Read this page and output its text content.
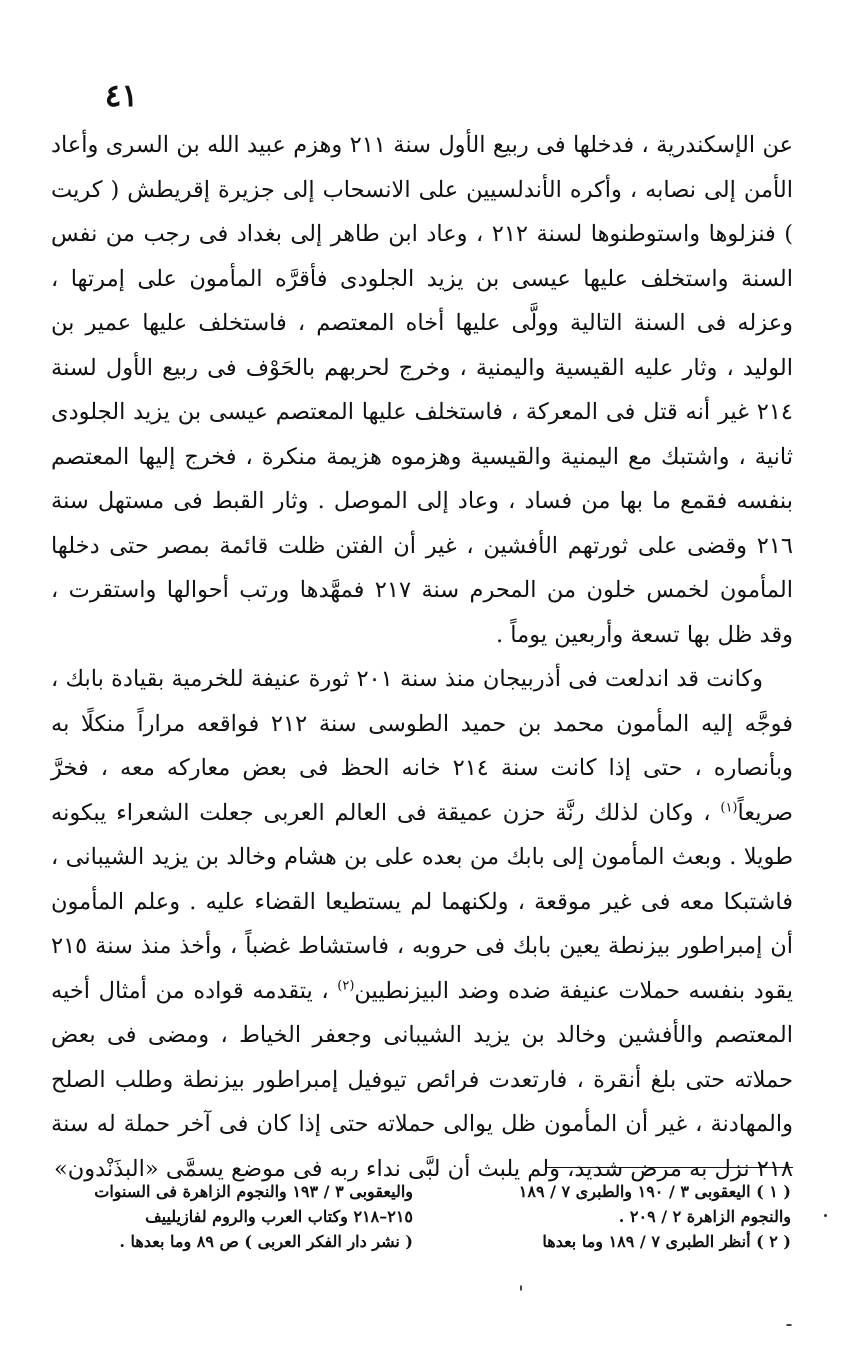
٤١

عن الإسكندرية ، فدخلها فى ربيع الأول سنة ٢١١ وهزم عبيد الله بن السرى وأعاد الأمن إلى نصابه ، وأكره الأندلسيين على الانسحاب إلى جزيرة إقريطش ( كريت ) فنزلوها واستوطنوها لسنة ٢١٢ ، وعاد ابن طاهر إلى بغداد فى رجب من نفس السنة واستخلف عليها عيسى بن يزيد الجلودى فأقرَّه المأمون على إمرتها ، وعزله فى السنة التالية وولَّى عليها أخاه المعتصم ، فاستخلف عليها عمير بن الوليد ، وثار عليه القيسية واليمنية ، وخرج لحربهم بالحَوْف فى ربيع الأول لسنة ٢١٤ غير أنه قتل فى المعركة ، فاستخلف عليها المعتصم عيسى بن يزيد الجلودى ثانية ، واشتبك مع اليمنية والقيسية وهزموه هزيمة منكرة ، فخرج إليها المعتصم بنفسه فقمع ما بها من فساد ، وعاد إلى الموصل . وثار القبط فى مستهل سنة ٢١٦ وقضى على ثورتهم الأفشين ، غير أن الفتن ظلت قائمة بمصر حتى دخلها المأمون لخمس خلون من المحرم سنة ٢١٧ فمهَّدها ورتب أحوالها واستقرت ، وقد ظل بها تسعة وأربعين يوماً .

وكانت قد اندلعت فى أذربيجان منذ سنة ٢٠١ ثورة عنيفة للخرمية بقيادة بابك ، فوجَّه إليه المأمون محمد بن حميد الطوسى سنة ٢١٢ فواقعه مراراً منكلًا به وبأنصاره ، حتى إذا كانت سنة ٢١٤ خانه الحظ فى بعض معاركه معه ، فخرَّ صريعاً$^{(١)}$ ، وكان لذلك رنَّة حزن عميقة فى العالم العربى جعلت الشعراء يبكونه طويلا . وبعث المأمون إلى بابك من بعده على بن هشام وخالد بن يزيد الشيبانى ، فاشتبكا معه فى غير موقعة ، ولكنهما لم يستطيعا القضاء عليه . وعلم المأمون أن إمبراطور بيزنطة يعين بابك فى حروبه ، فاستشاط غضباً ، وأخذ منذ سنة ٢١٥ يقود بنفسه حملات عنيفة ضده وضد البيزنطيين$^{(٢)}$ ، يتقدمه قواده من أمثال أخيه المعتصم والأفشين وخالد بن يزيد الشيبانى وجعفر الخياط ، ومضى فى بعض حملاته حتى بلغ أنقرة ، فارتعدت فرائص تيوفيل إمبراطور بيزنطة وطلب الصلح والمهادنة ، غير أن المأمون ظل يوالى حملاته حتى إذا كان فى آخر حملة له سنة ٢١٨ نزل به مرض شديد، ولم يلبث أن لبَّى نداء ربه فى موضع يسمَّى «البذَنْدون»

( ١ ) اليعقوبى ٣ / ١٩٠ والطبرى ٧ / ١٨٩

والنجوم الزاهرة ٢ / ٢٠٩ .

( ٢ ) أنظر الطبرى ٧ / ١٨٩ وما بعدها

واليعقوبى ٣ / ١٩٣ والنجوم الزاهرة فى السنوات

٢١٥–٢١٨ وكتاب العرب والروم لفازيلييف

( نشر دار الفكر العربى ) ص ٨٩ وما بعدها .
